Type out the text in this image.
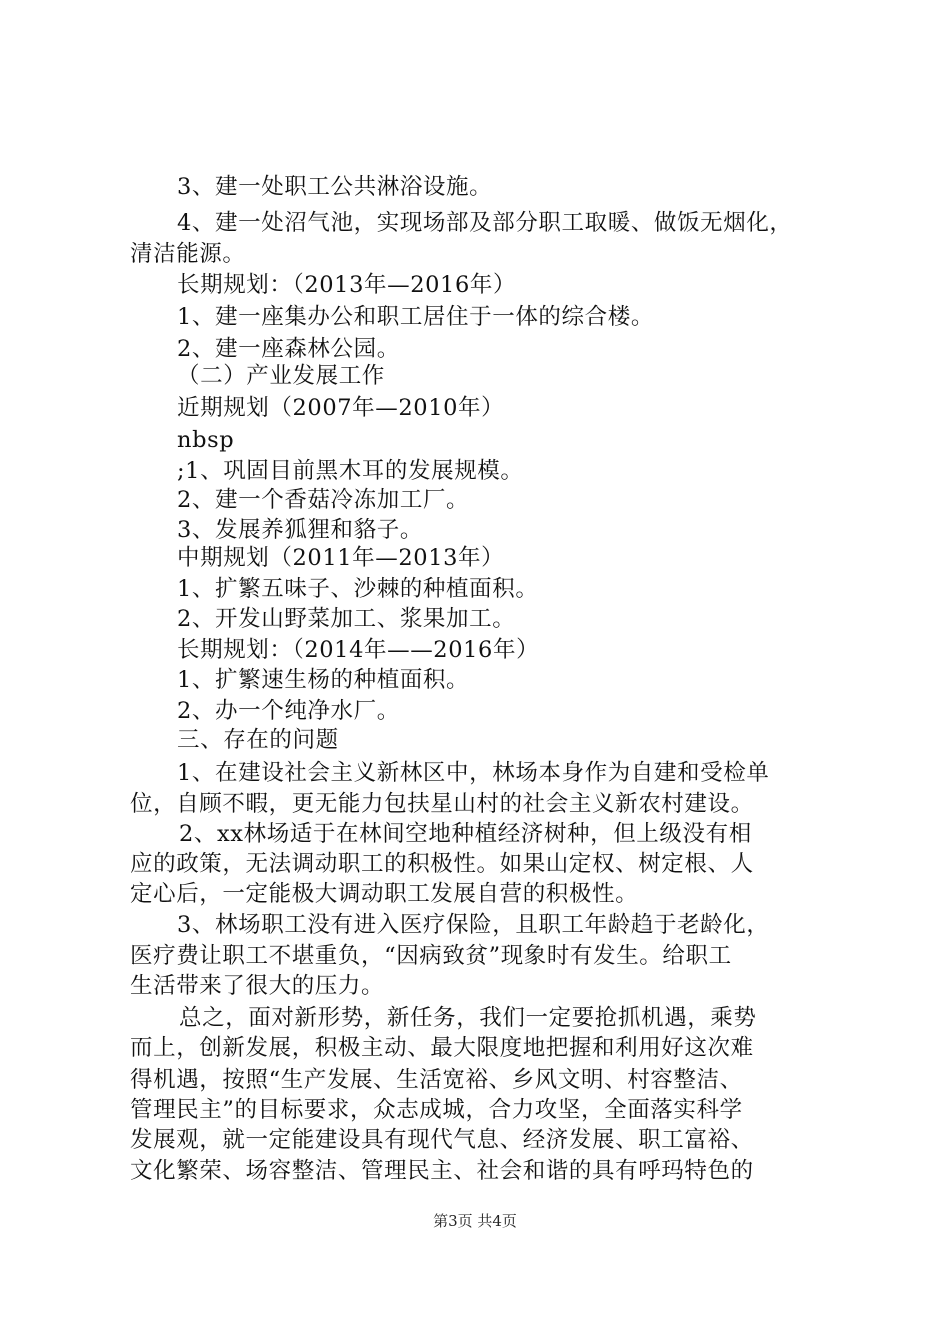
3、建一处职工公共淋浴设施。
4、建一处沼气池，实现场部及部分职工取暖、做饭无烟化，
清洁能源。
长期规划：（2013年—2016年）
1、建一座集办公和职工居住于一体的综合楼。
2、建一座森林公园。
（二）产业发展工作
近期规划（2007年—2010年）
nbsp
;1、巩固目前黑木耳的发展规模。
2、建一个香菇冷冻加工厂。
3、发展养狐狸和貉子。
中期规划（2011年—2013年）
1、扩繁五味子、沙棘的种植面积。
2、开发山野菜加工、浆果加工。
长期规划：（2014年——2016年）
1、扩繁速生杨的种植面积。
2、办一个纯净水厂。
三、存在的问题
1、在建设社会主义新林区中，林场本身作为自建和受检单
位，自顾不暇，更无能力包扶星山村的社会主义新农村建设。
2、xx林场适于在林间空地种植经济树种，但上级没有相
应的政策，无法调动职工的积极性。如果山定权、树定根、人
定心后，一定能极大调动职工发展自营的积极性。
3、林场职工没有进入医疗保险，且职工年龄趋于老龄化，
医疗费让职工不堪重负，“因病致贫”现象时有发生。给职工
生活带来了很大的压力。
总之，面对新形势，新任务，我们一定要抢抓机遇，乘势
而上，创新发展，积极主动、最大限度地把握和利用好这次难
得机遇，按照“生产发展、生活宽裕、乡风文明、村容整洁、
管理民主”的目标要求，众志成城，合力攻坚，全面落实科学
发展观，就一定能建设具有现代气息、经济发展、职工富裕、
文化繁荣、场容整洁、管理民主、社会和谐的具有呼玛特色的
第3页 共4页
